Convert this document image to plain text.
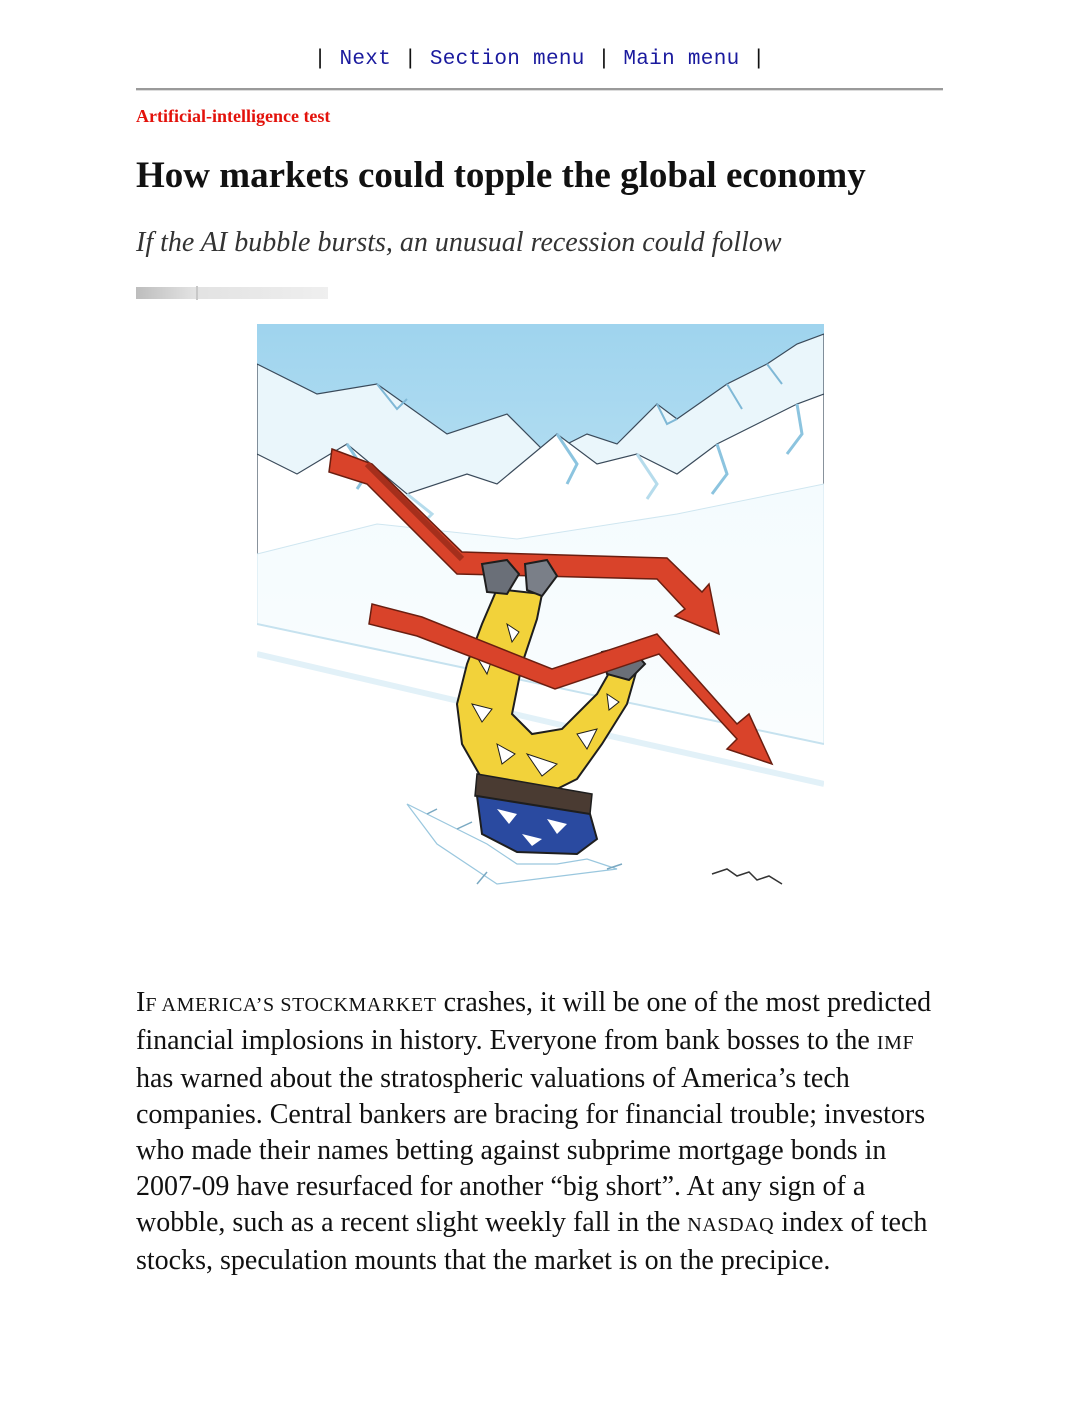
| Next | Section menu | Main menu |
Artificial-intelligence test
How markets could topple the global economy

If the AI bubble bursts, an unusual recession could follow

IF AMERICA’S STOCKMARKET crashes, it will be one of the most predicted financial implosions in history. Everyone from bank bosses to the IMF has warned about the stratospheric valuations of America’s tech companies. Central bankers are bracing for financial trouble; investors who made their names betting against subprime mortgage bonds in 2007-09 have resurfaced for another “big short”. At any sign of a wobble, such as a recent slight weekly fall in the NASDAQ index of tech stocks, speculation mounts that the market is on the precipice.
